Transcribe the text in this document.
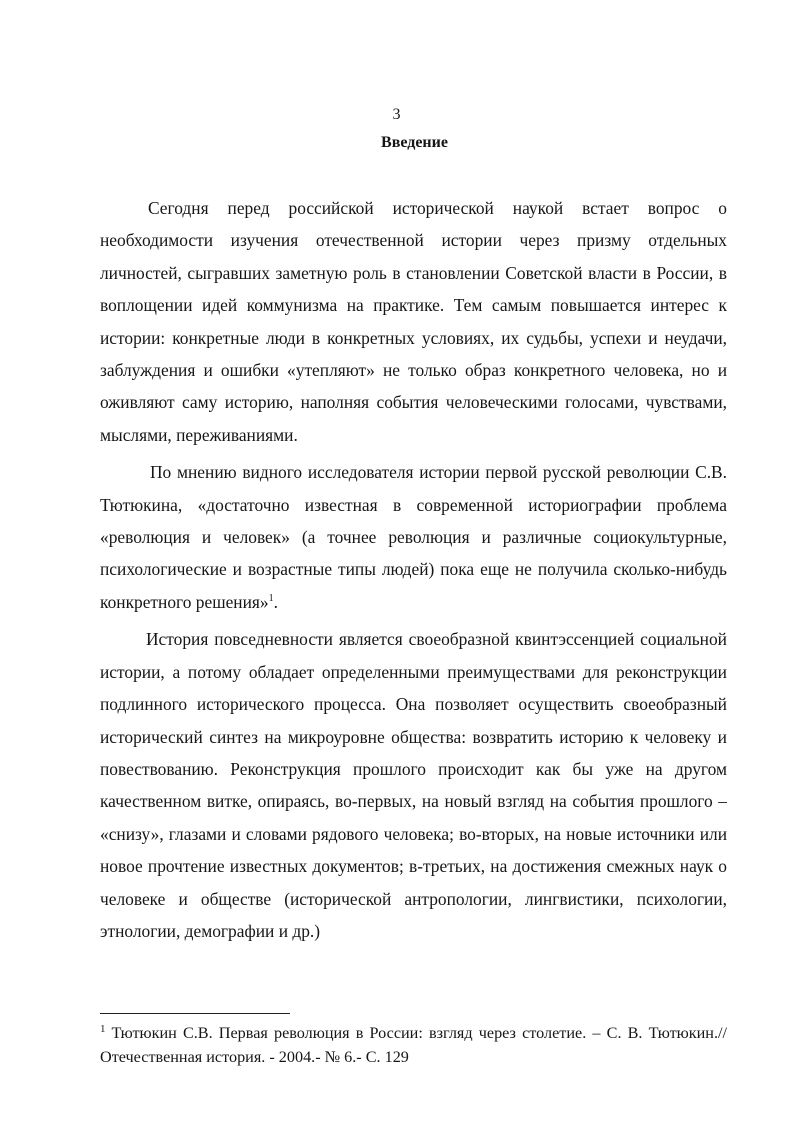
3
Введение

Сегодня перед российской исторической наукой встает вопрос о необходимости изучения отечественной истории через призму отдельных личностей, сыгравших заметную роль в становлении Советской власти в России, в воплощении идей коммунизма на практике. Тем самым повышается интерес к истории: конкретные люди в конкретных условиях, их судьбы, успехи и неудачи, заблуждения и ошибки «утепляют» не только образ конкретного человека, но и оживляют саму историю, наполняя события человеческими голосами, чувствами, мыслями, переживаниями.

По мнению видного исследователя истории первой русской революции С.В. Тютюкина, «достаточно известная в современной историографии проблема «революция и человек» (а точнее революция и различные социокультурные, психологические и возрастные типы людей) пока еще не получила сколько-нибудь конкретного решения»$^1$.

История повседневности является своеобразной квинтэссенцией социальной истории, а потому обладает определенными преимуществами для реконструкции подлинного исторического процесса. Она позволяет осуществить своеобразный исторический синтез на микроуровне общества: возвратить историю к человеку и повествованию. Реконструкция прошлого происходит как бы уже на другом качественном витке, опираясь, во-первых, на новый взгляд на события прошлого – «снизу», глазами и словами рядового человека; во-вторых, на новые источники или новое прочтение известных документов; в-третьих, на достижения смежных наук о человеке и обществе (исторической антропологии, лингвистики, психологии, этнологии, демографии и др.)

$^1$ Тютюкин С.В. Первая революция в России: взгляд через столетие. – С. В. Тютюкин.// Отечественная история. - 2004.- № 6.- С. 129
